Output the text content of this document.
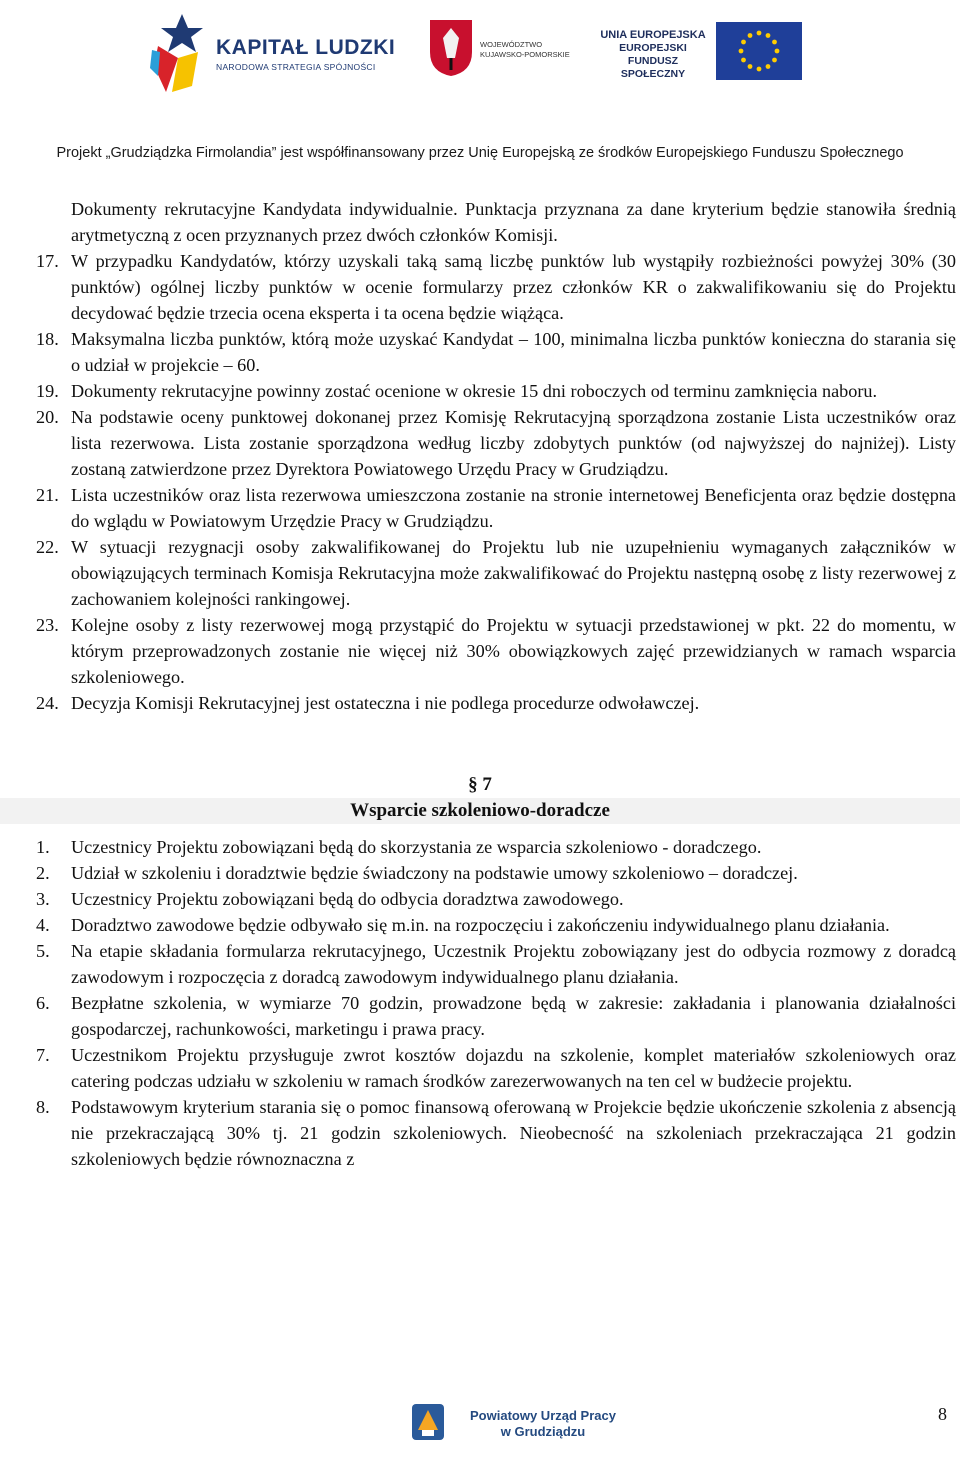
KAPITAŁ LUDZKI
NARODOWA STRATEGIA SPÓJNOŚCI
WOJEWÓDZTWO
KUJAWSKO-POMORSKIE
UNIA EUROPEJSKA
EUROPEJSKI
FUNDUSZ SPOŁECZNY
Projekt „Grudziądzka Firmolandia” jest współfinansowany przez Unię Europejską ze środków Europejskiego Funduszu Społecznego
Dokumenty rekrutacyjne Kandydata indywidualnie. Punktacja przyznana za dane kryterium będzie stanowiła średnią arytmetyczną z ocen przyznanych przez dwóch członków Komisji.
17. W przypadku Kandydatów, którzy uzyskali taką samą liczbę punktów lub wystąpiły rozbieżności powyżej 30% (30 punktów) ogólnej liczby punktów w ocenie formularzy przez członków KR o zakwalifikowaniu się do Projektu decydować będzie trzecia ocena eksperta i ta ocena będzie wiążąca.
18. Maksymalna liczba punktów, którą może uzyskać Kandydat – 100, minimalna liczba punktów konieczna do starania się o udział w projekcie – 60.
19. Dokumenty rekrutacyjne powinny zostać ocenione w okresie 15 dni roboczych od terminu zamknięcia naboru.
20. Na podstawie oceny punktowej dokonanej przez Komisję Rekrutacyjną sporządzona zostanie Lista uczestników oraz lista rezerwowa. Lista zostanie sporządzona według liczby zdobytych punktów (od najwyższej do najniżej). Listy zostaną zatwierdzone przez Dyrektora Powiatowego Urzędu Pracy w Grudziądzu.
21. Lista uczestników oraz lista rezerwowa umieszczona zostanie na stronie internetowej Beneficjenta oraz będzie dostępna do wglądu w Powiatowym Urzędzie Pracy w Grudziądzu.
22. W sytuacji rezygnacji osoby zakwalifikowanej do Projektu lub nie uzupełnieniu wymaganych załączników w obowiązujących terminach Komisja Rekrutacyjna może zakwalifikować do Projektu następną osobę z listy rezerwowej z zachowaniem kolejności rankingowej.
23. Kolejne osoby z listy rezerwowej mogą przystąpić do Projektu w sytuacji przedstawionej w pkt. 22 do momentu, w którym przeprowadzonych zostanie nie więcej niż 30% obowiązkowych zajęć przewidzianych w ramach wsparcia szkoleniowego.
24. Decyzja Komisji Rekrutacyjnej jest ostateczna i nie podlega procedurze odwoławczej.
§ 7
Wsparcie szkoleniowo-doradcze
1.	Uczestnicy Projektu zobowiązani będą do skorzystania ze wsparcia szkoleniowo - doradczego.
2.	Udział w szkoleniu i doradztwie będzie świadczony na podstawie umowy szkoleniowo – doradczej.
3.	Uczestnicy Projektu zobowiązani będą do odbycia doradztwa zawodowego.
4.	Doradztwo zawodowe będzie odbywało się m.in. na rozpoczęciu i zakończeniu indywidualnego planu działania.
5.	Na etapie składania formularza rekrutacyjnego, Uczestnik Projektu zobowiązany jest do odbycia rozmowy z doradcą zawodowym i rozpoczęcia z doradcą zawodowym indywidualnego planu działania.
6.	Bezpłatne szkolenia, w wymiarze 70 godzin, prowadzone będą w zakresie: zakładania i planowania działalności gospodarczej, rachunkowości, marketingu i prawa pracy.
7.	Uczestnikom Projektu przysługuje zwrot kosztów dojazdu na szkolenie, komplet materiałów szkoleniowych oraz catering podczas udziału w szkoleniu w ramach środków zarezerwowanych na ten cel w budżecie projektu.
8.	Podstawowym kryterium starania się o pomoc finansową oferowaną w Projekcie będzie ukończenie szkolenia z absencją nie przekraczającą 30% tj. 21 godzin szkoleniowych. Nieobecność na szkoleniach przekraczająca 21 godzin szkoleniowych będzie równoznaczna z
Powiatowy Urząd Pracy
w Grudziądzu
8
